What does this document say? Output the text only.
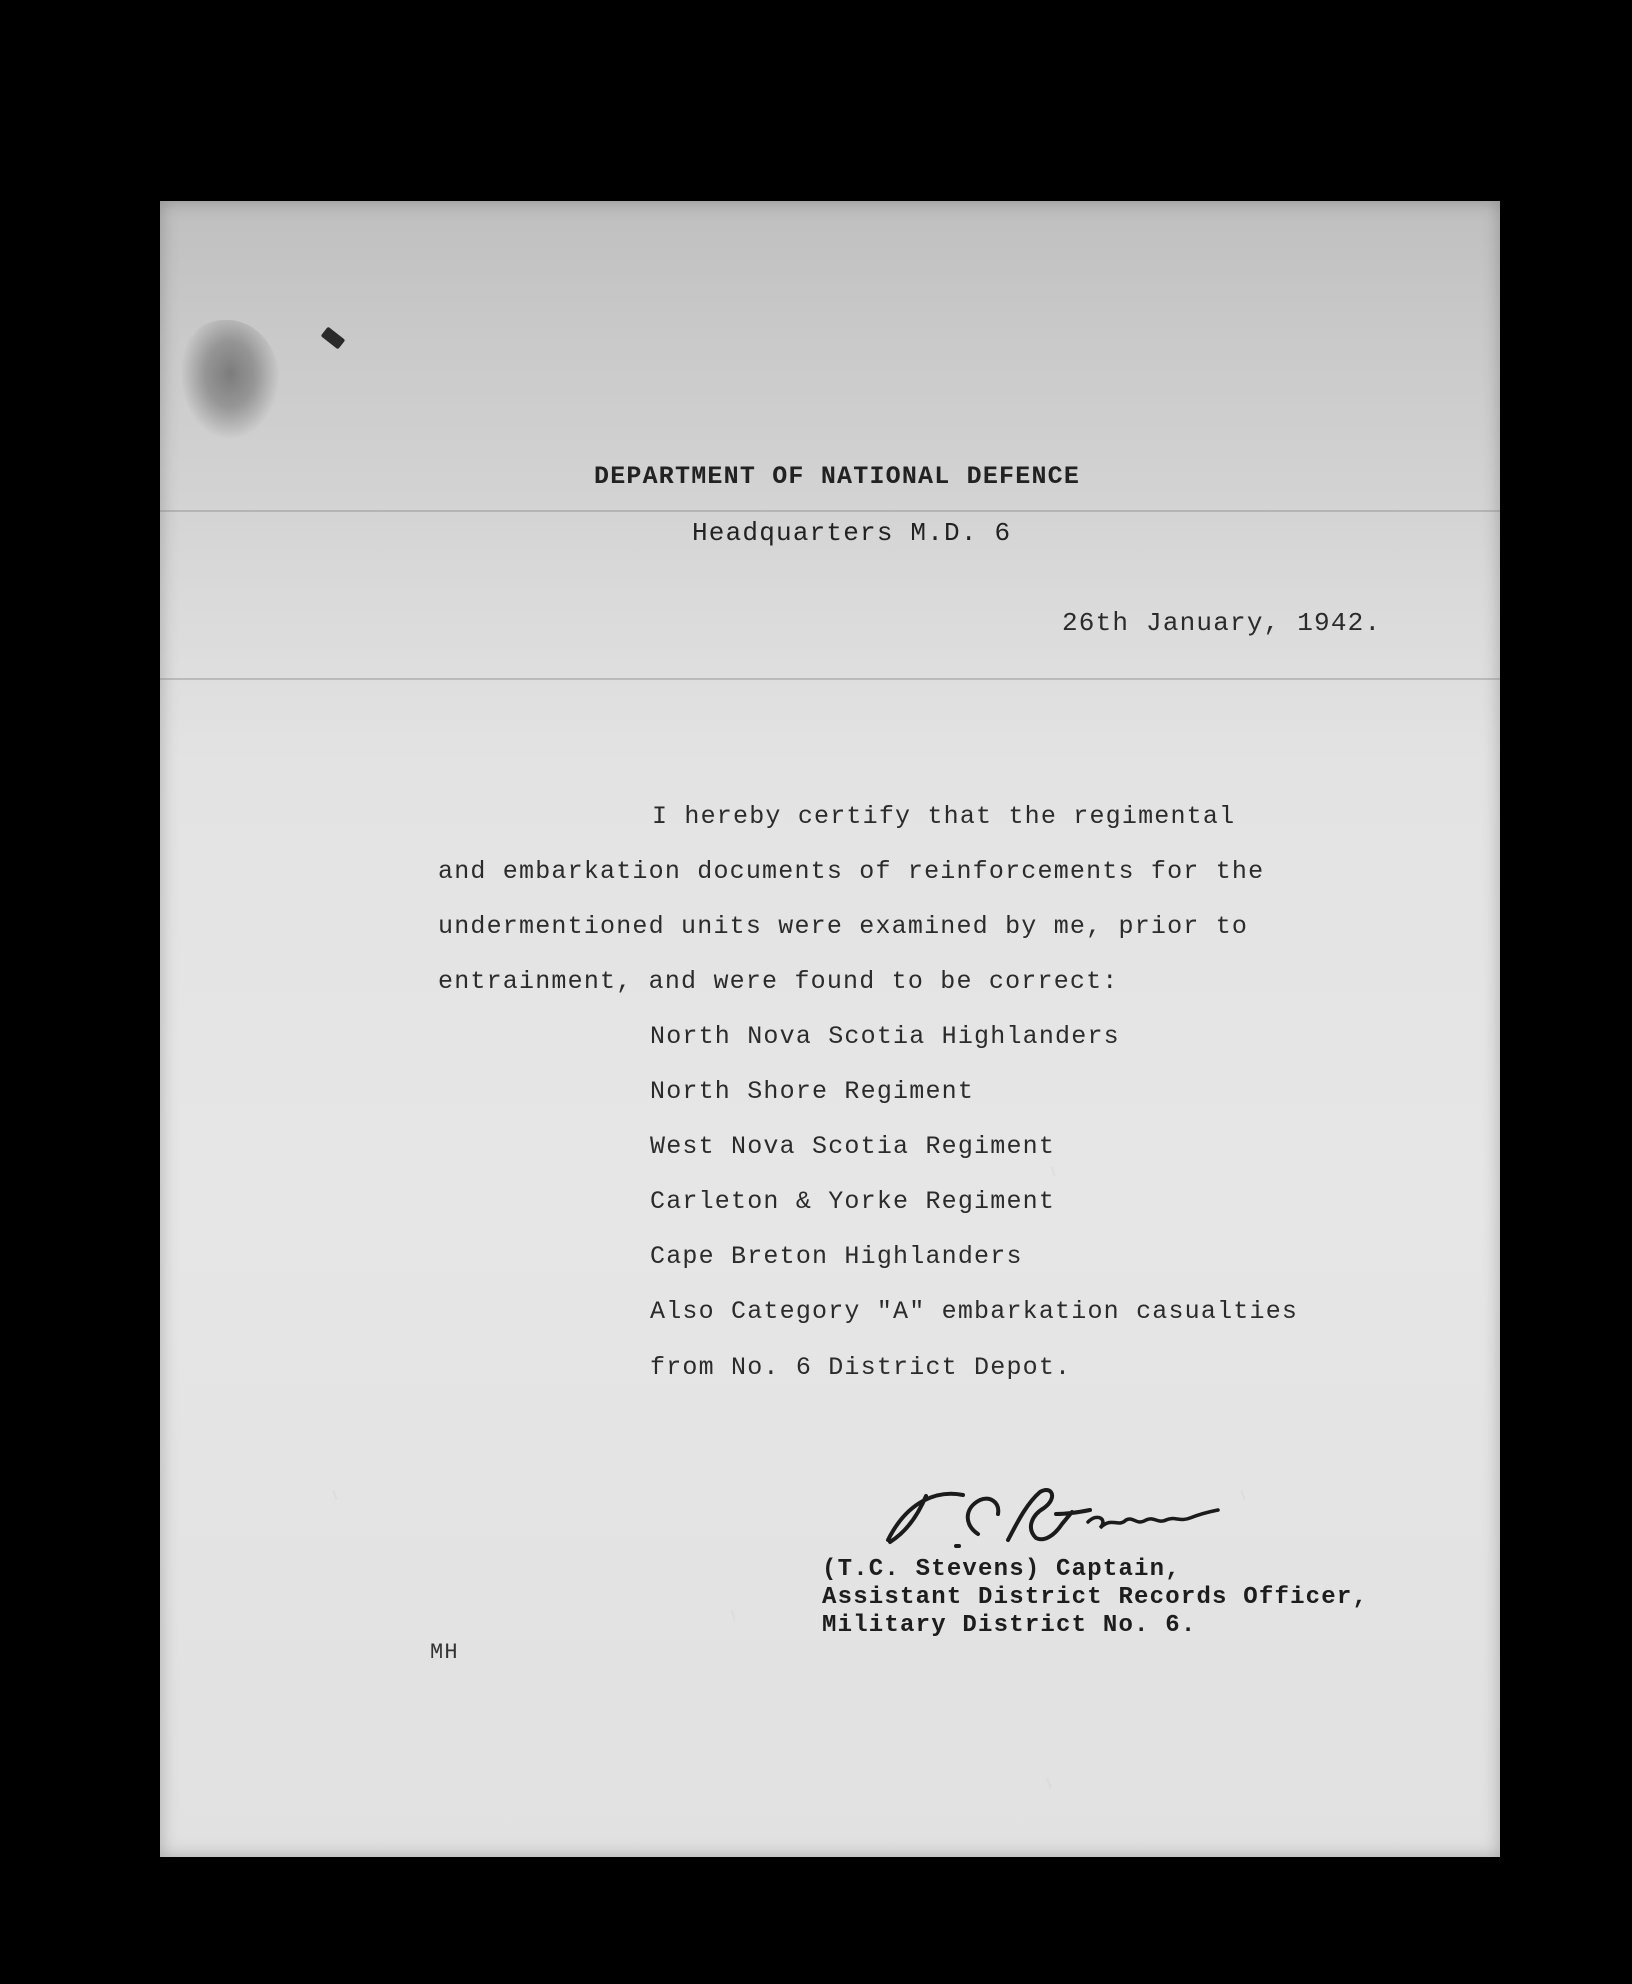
DEPARTMENT OF NATIONAL DEFENCE
Headquarters M.D. 6
26th January, 1942.
I hereby certify that the regimental
and embarkation documents of reinforcements for the
undermentioned units were examined by me, prior to
entrainment, and were found to be correct:
North Nova Scotia Highlanders
North Shore Regiment
West Nova Scotia Regiment
Carleton & Yorke Regiment
Cape Breton Highlanders
Also Category "A" embarkation casualties
from No. 6 District Depot.
(T.C. Stevens) Captain,
Assistant District Records Officer,
Military District No. 6.
MH
